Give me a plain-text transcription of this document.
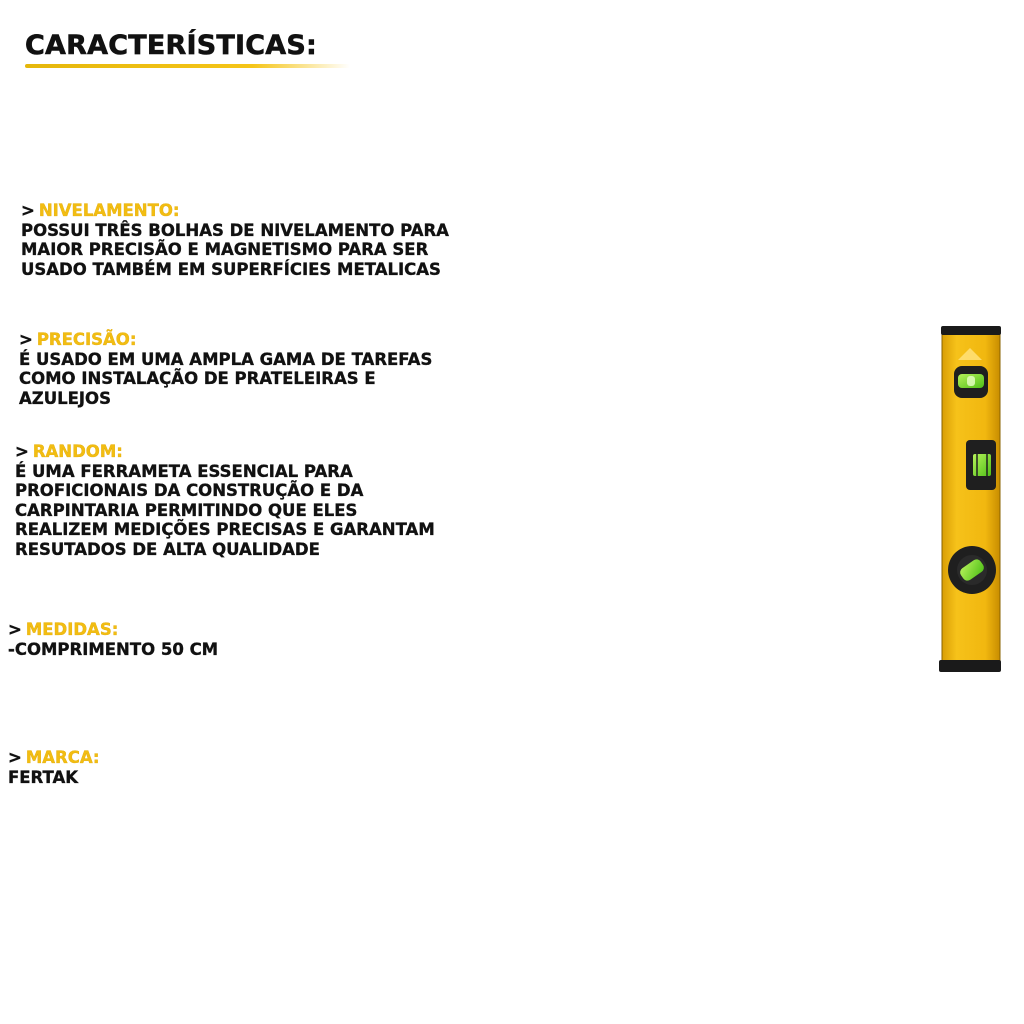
CARACTERÍSTICAS:
> NIVELAMENTO:
POSSUI TRÊS BOLHAS DE NIVELAMENTO PARA
MAIOR PRECISÃO E MAGNETISMO PARA SER
USADO TAMBÉM EM SUPERFÍCIES METALICAS
> PRECISÃO:
É USADO EM UMA AMPLA GAMA DE TAREFAS
COMO INSTALAÇÃO DE PRATELEIRAS E
AZULEJOS
> RANDOM:
É UMA FERRAMETA ESSENCIAL PARA
PROFICIONAIS DA CONSTRUÇÃO E DA
CARPINTARIA PERMITINDO QUE ELES
REALIZEM MEDIÇÕES PRECISAS E GARANTAM
RESUTADOS DE ALTA QUALIDADE
> MEDIDAS:
-COMPRIMENTO 50 CM
> MARCA:
FERTAK
